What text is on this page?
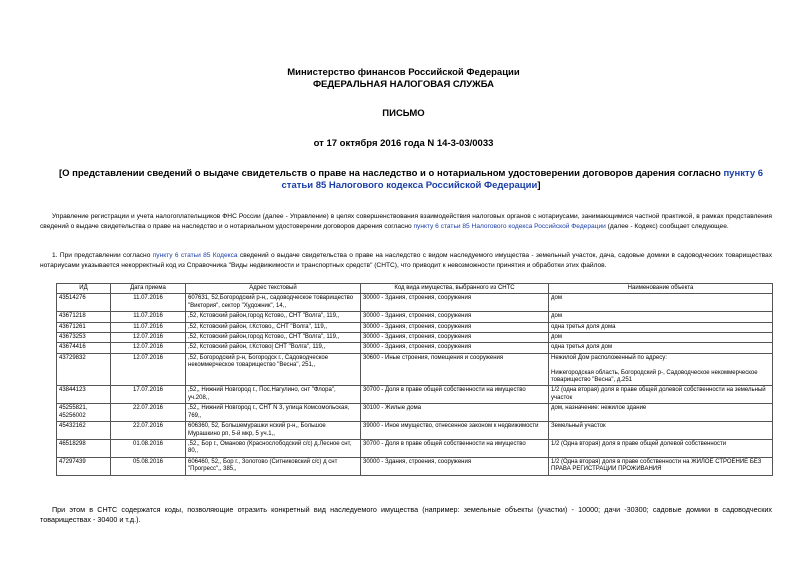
Министерство финансов Российской Федерации
ФЕДЕРАЛЬНАЯ НАЛОГОВАЯ СЛУЖБА
ПИСЬМО
от 17 октября 2016 года N 14-3-03/0033
[О представлении сведений о выдаче свидетельств о праве на наследство и о нотариальном удостоверении договоров дарения согласно пункту 6 статьи 85 Налогового кодекса Российской Федерации]
Управление регистрации и учета налогоплательщиков ФНС России (далее - Управление) в целях совершенствования взаимодействия налоговых органов с нотариусами, занимающимися частной практикой, в рамках представления сведений о выдаче свидетельства о праве на наследство и о нотариальном удостоверении договоров дарения согласно пункту 6 статьи 85 Налогового кодекса Российской Федерации (далее - Кодекс) сообщает следующее.
1. При представлении согласно пункту 6 статьи 85 Кодекса сведений о выдаче свидетельства о праве на наследство с видом наследуемого имущества - земельный участок, дача, садовые домики в садоводческих товариществах нотариусами указывается некорректный код из Справочника "Виды недвижимости и транспортных средств" (СНТС), что приводит к невозможности принятия и обработки этих файлов.
ИД	Дата приема	Адрес текстовый	Код вида имущества, выбранного из СНТС	Наименование объекта
43514276	11.07.2016	607631, 52,Богородский р-н,, садоводческое товарищество "Виктория", сектор "Художник", 14,,	30000 - Здания, строения, сооружения	дом
43671218	11.07.2016	,52, Кстовский район,город Кстово,, СНТ "Волга", 119,,	30000 - Здания, строения, сооружения	дом
43671261	11.07.2016	,52, Кстовский район, г.Кстово,, СНТ "Волга", 119,,	30000 - Здания, строения, сооружения	одна третья доля дома
43673253	12.07.2016	,52, Кстовский район,город Кстово,, СНТ "Волга", 119,,	30000 - Здания, строения, сооружения	дом
43674416	12.07.2016	,52, Кстовский район, г.Кстово| СНТ "Волга", 119,,	30000 - Здания, строения, сооружения	одна третья доля дом
43729832	12.07.2016	,52, Богородский р-н, Богородск г., Садоводческое некоммерческое товарищество "Весна", 251,,	30600 - Иные строения, помещения и сооружения	Нежилой Дом расположенный по адресу:

Нижегородская область, Богородский р-, Садоводческое некоммерческое товарищество "Весна", д.251
43844123	17.07.2016	,52,, Нижний Новгород г., Пос.Нагулино, снт "Флора", уч.208,,	30700 - Доля в праве общей собственности на имущество	1/2 (одна вторая) доля в праве общей долевой собственности на земельный участок
45255821,
45256002	22.07.2016	,52,, Нижний Новгород г., СНТ N 3, улица Комсомольская, 769,,	30100 - Жилые дома	дом, назначение: нежилое здание
45432162	22.07.2016	606360, 52, Большемурашки нский р-н,, Большое Мурашкино рп, 5-й мкр, 5 уч.1,,	39000 - Иное имущество, отнесенное законом к недвижимости	Земельный участок
46518298	01.08.2016	,52,, Бор г., Оманово (Краснослободский с/с) д.Лесное снт, 80,,	30700 - Доля в праве общей собственности на имущество	1/2 (Одна вторая) доля в праве общей долевой собственности
47297439	05.08.2016	606460, 52,, Бор г., Золотово (Ситниковский с/с) д снт "Прогресс",, 385,,	30000 - Здания, строения, сооружения	1/2 (Одна вторая) доля в праве собственности на ЖИЛОЕ СТРОЕНИЕ БЕЗ ПРАВА РЕГИСТРАЦИИ ПРОЖИВАНИЯ
При этом в СНТС содержатся коды, позволяющие отразить конкретный вид наследуемого имущества (например: земельные объекты (участки) - 10000; дачи -30300; садовые домики в садоводческих товариществах - 30400 и т.д.).
